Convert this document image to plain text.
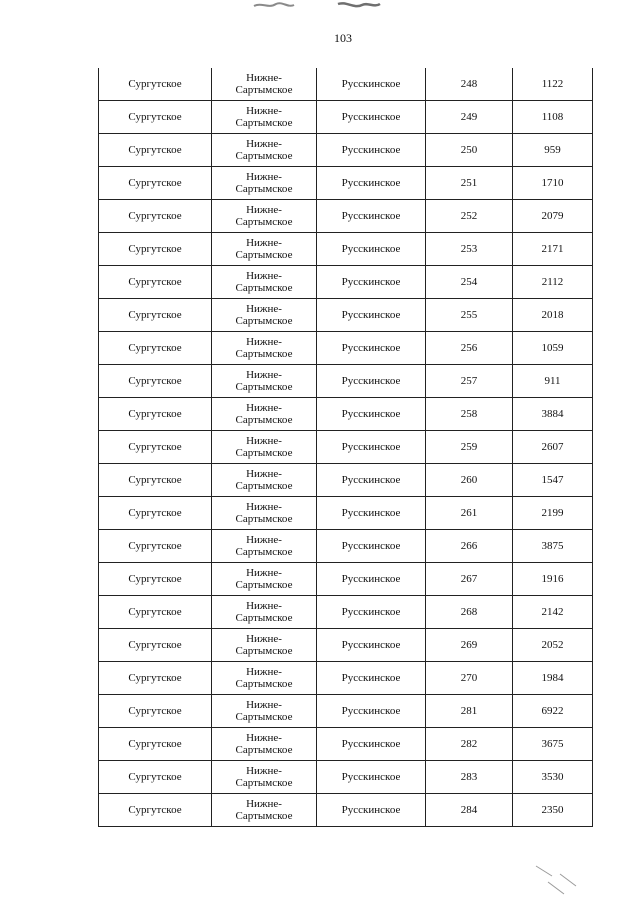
103
Сургутское	Нижне-Сартымское	Русскинское	248	1122
Сургутское	Нижне-Сартымское	Русскинское	249	1108
Сургутское	Нижне-Сартымское	Русскинское	250	959
Сургутское	Нижне-Сартымское	Русскинское	251	1710
Сургутское	Нижне-Сартымское	Русскинское	252	2079
Сургутское	Нижне-Сартымское	Русскинское	253	2171
Сургутское	Нижне-Сартымское	Русскинское	254	2112
Сургутское	Нижне-Сартымское	Русскинское	255	2018
Сургутское	Нижне-Сартымское	Русскинское	256	1059
Сургутское	Нижне-Сартымское	Русскинское	257	911
Сургутское	Нижне-Сартымское	Русскинское	258	3884
Сургутское	Нижне-Сартымское	Русскинское	259	2607
Сургутское	Нижне-Сартымское	Русскинское	260	1547
Сургутское	Нижне-Сартымское	Русскинское	261	2199
Сургутское	Нижне-Сартымское	Русскинское	266	3875
Сургутское	Нижне-Сартымское	Русскинское	267	1916
Сургутское	Нижне-Сартымское	Русскинское	268	2142
Сургутское	Нижне-Сартымское	Русскинское	269	2052
Сургутское	Нижне-Сартымское	Русскинское	270	1984
Сургутское	Нижне-Сартымское	Русскинское	281	6922
Сургутское	Нижне-Сартымское	Русскинское	282	3675
Сургутское	Нижне-Сартымское	Русскинское	283	3530
Сургутское	Нижне-Сартымское	Русскинское	284	2350
